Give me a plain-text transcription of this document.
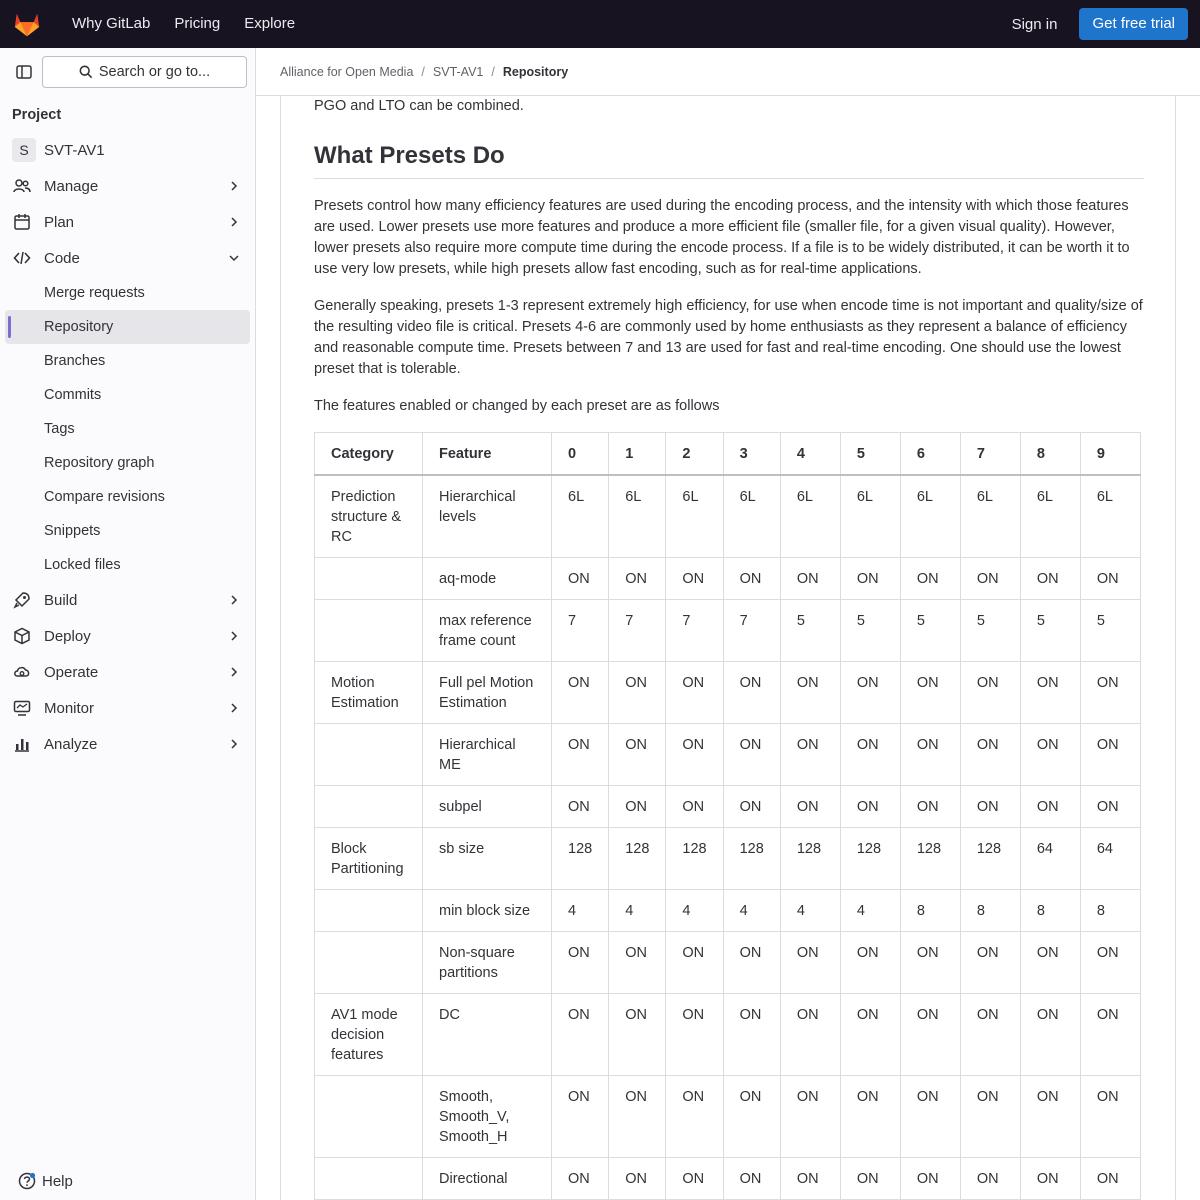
Why GitLab	Pricing	Explore	Sign in	Get free trial
Search or go to...
Project
S	SVT-AV1
Manage
Plan
Code
Merge requests
Repository
Branches
Commits
Tags
Repository graph
Compare revisions
Snippets
Locked files
Build
Deploy
Operate
Monitor
Analyze
Help
Alliance for Open Media / SVT-AV1 / Repository

PGO and LTO can be combined.

What Presets Do

Presets control how many efficiency features are used during the encoding process, and the intensity with which those features are used. Lower presets use more features and produce a more efficient file (smaller file, for a given visual quality). However, lower presets also require more compute time during the encode process. If a file is to be widely distributed, it can be worth it to use very low presets, while high presets allow fast encoding, such as for real-time applications.

Generally speaking, presets 1-3 represent extremely high efficiency, for use when encode time is not important and quality/size of the resulting video file is critical. Presets 4-6 are commonly used by home enthusiasts as they represent a balance of efficiency and reasonable compute time. Presets between 7 and 13 are used for fast and real-time encoding. One should use the lowest preset that is tolerable.

The features enabled or changed by each preset are as follows

Category	Feature	0	1	2	3	4	5	6	7	8	9
Prediction structure & RC	Hierarchical levels	6L	6L	6L	6L	6L	6L	6L	6L	6L	6L
	aq-mode	ON	ON	ON	ON	ON	ON	ON	ON	ON	ON
	max reference frame count	7	7	7	7	5	5	5	5	5	5
Motion Estimation	Full pel Motion Estimation	ON	ON	ON	ON	ON	ON	ON	ON	ON	ON
	Hierarchical ME	ON	ON	ON	ON	ON	ON	ON	ON	ON	ON
	subpel	ON	ON	ON	ON	ON	ON	ON	ON	ON	ON
Block Partitioning	sb size	128	128	128	128	128	128	128	128	64	64
	min block size	4	4	4	4	4	4	8	8	8	8
	Non-square partitions	ON	ON	ON	ON	ON	ON	ON	ON	ON	ON
AV1 mode decision features	DC	ON	ON	ON	ON	ON	ON	ON	ON	ON	ON
	Smooth, Smooth_V, Smooth_H	ON	ON	ON	ON	ON	ON	ON	ON	ON	ON
	Directional	ON	ON	ON	ON	ON	ON	ON	ON	ON	ON
